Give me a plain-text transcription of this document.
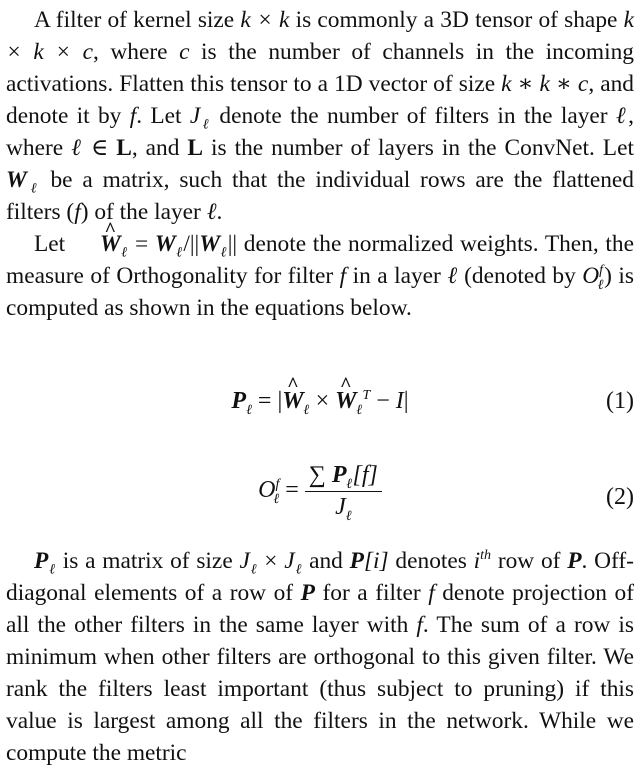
A filter of kernel size k × k is commonly a 3D tensor of shape k × k × c, where c is the number of channels in the incoming activations. Flatten this tensor to a 1D vector of size k ∗ k ∗ c, and denote it by f. Let $J_\ell$ denote the number of filters in the layer ℓ, where ℓ ∈ L, and L is the number of layers in the ConvNet. Let $W_\ell$ be a matrix, such that the individual rows are the flattened filters (f) of the layer ℓ.

Let ^ $W_\ell = W_\ell/||W_\ell||$ denote the normalized weights. Then, the measure of Orthogonality for filter f in a layer ℓ (denoted by $O^f_\ell$) is computed as shown in the equations below.

$P_\ell$ = |^ $W_\ell$ × ^ $W_\ell^T - I|$	(1)
$O^f_\ell = \frac{\sum P_\ell[f]}{J_\ell}$	(2)

$P_\ell$ is a matrix of size $J_\ell \times J_\ell$ and P[i] denotes $i^{th}$ row of P. Off-diagonal elements of a row of P for a filter f denote projection of all the other filters in the same layer with f. The sum of a row is minimum when other filters are orthogonal to this given filter. We rank the filters least important (thus subject to pruning) if this value is largest among all the filters in the network. While we compute the metric
